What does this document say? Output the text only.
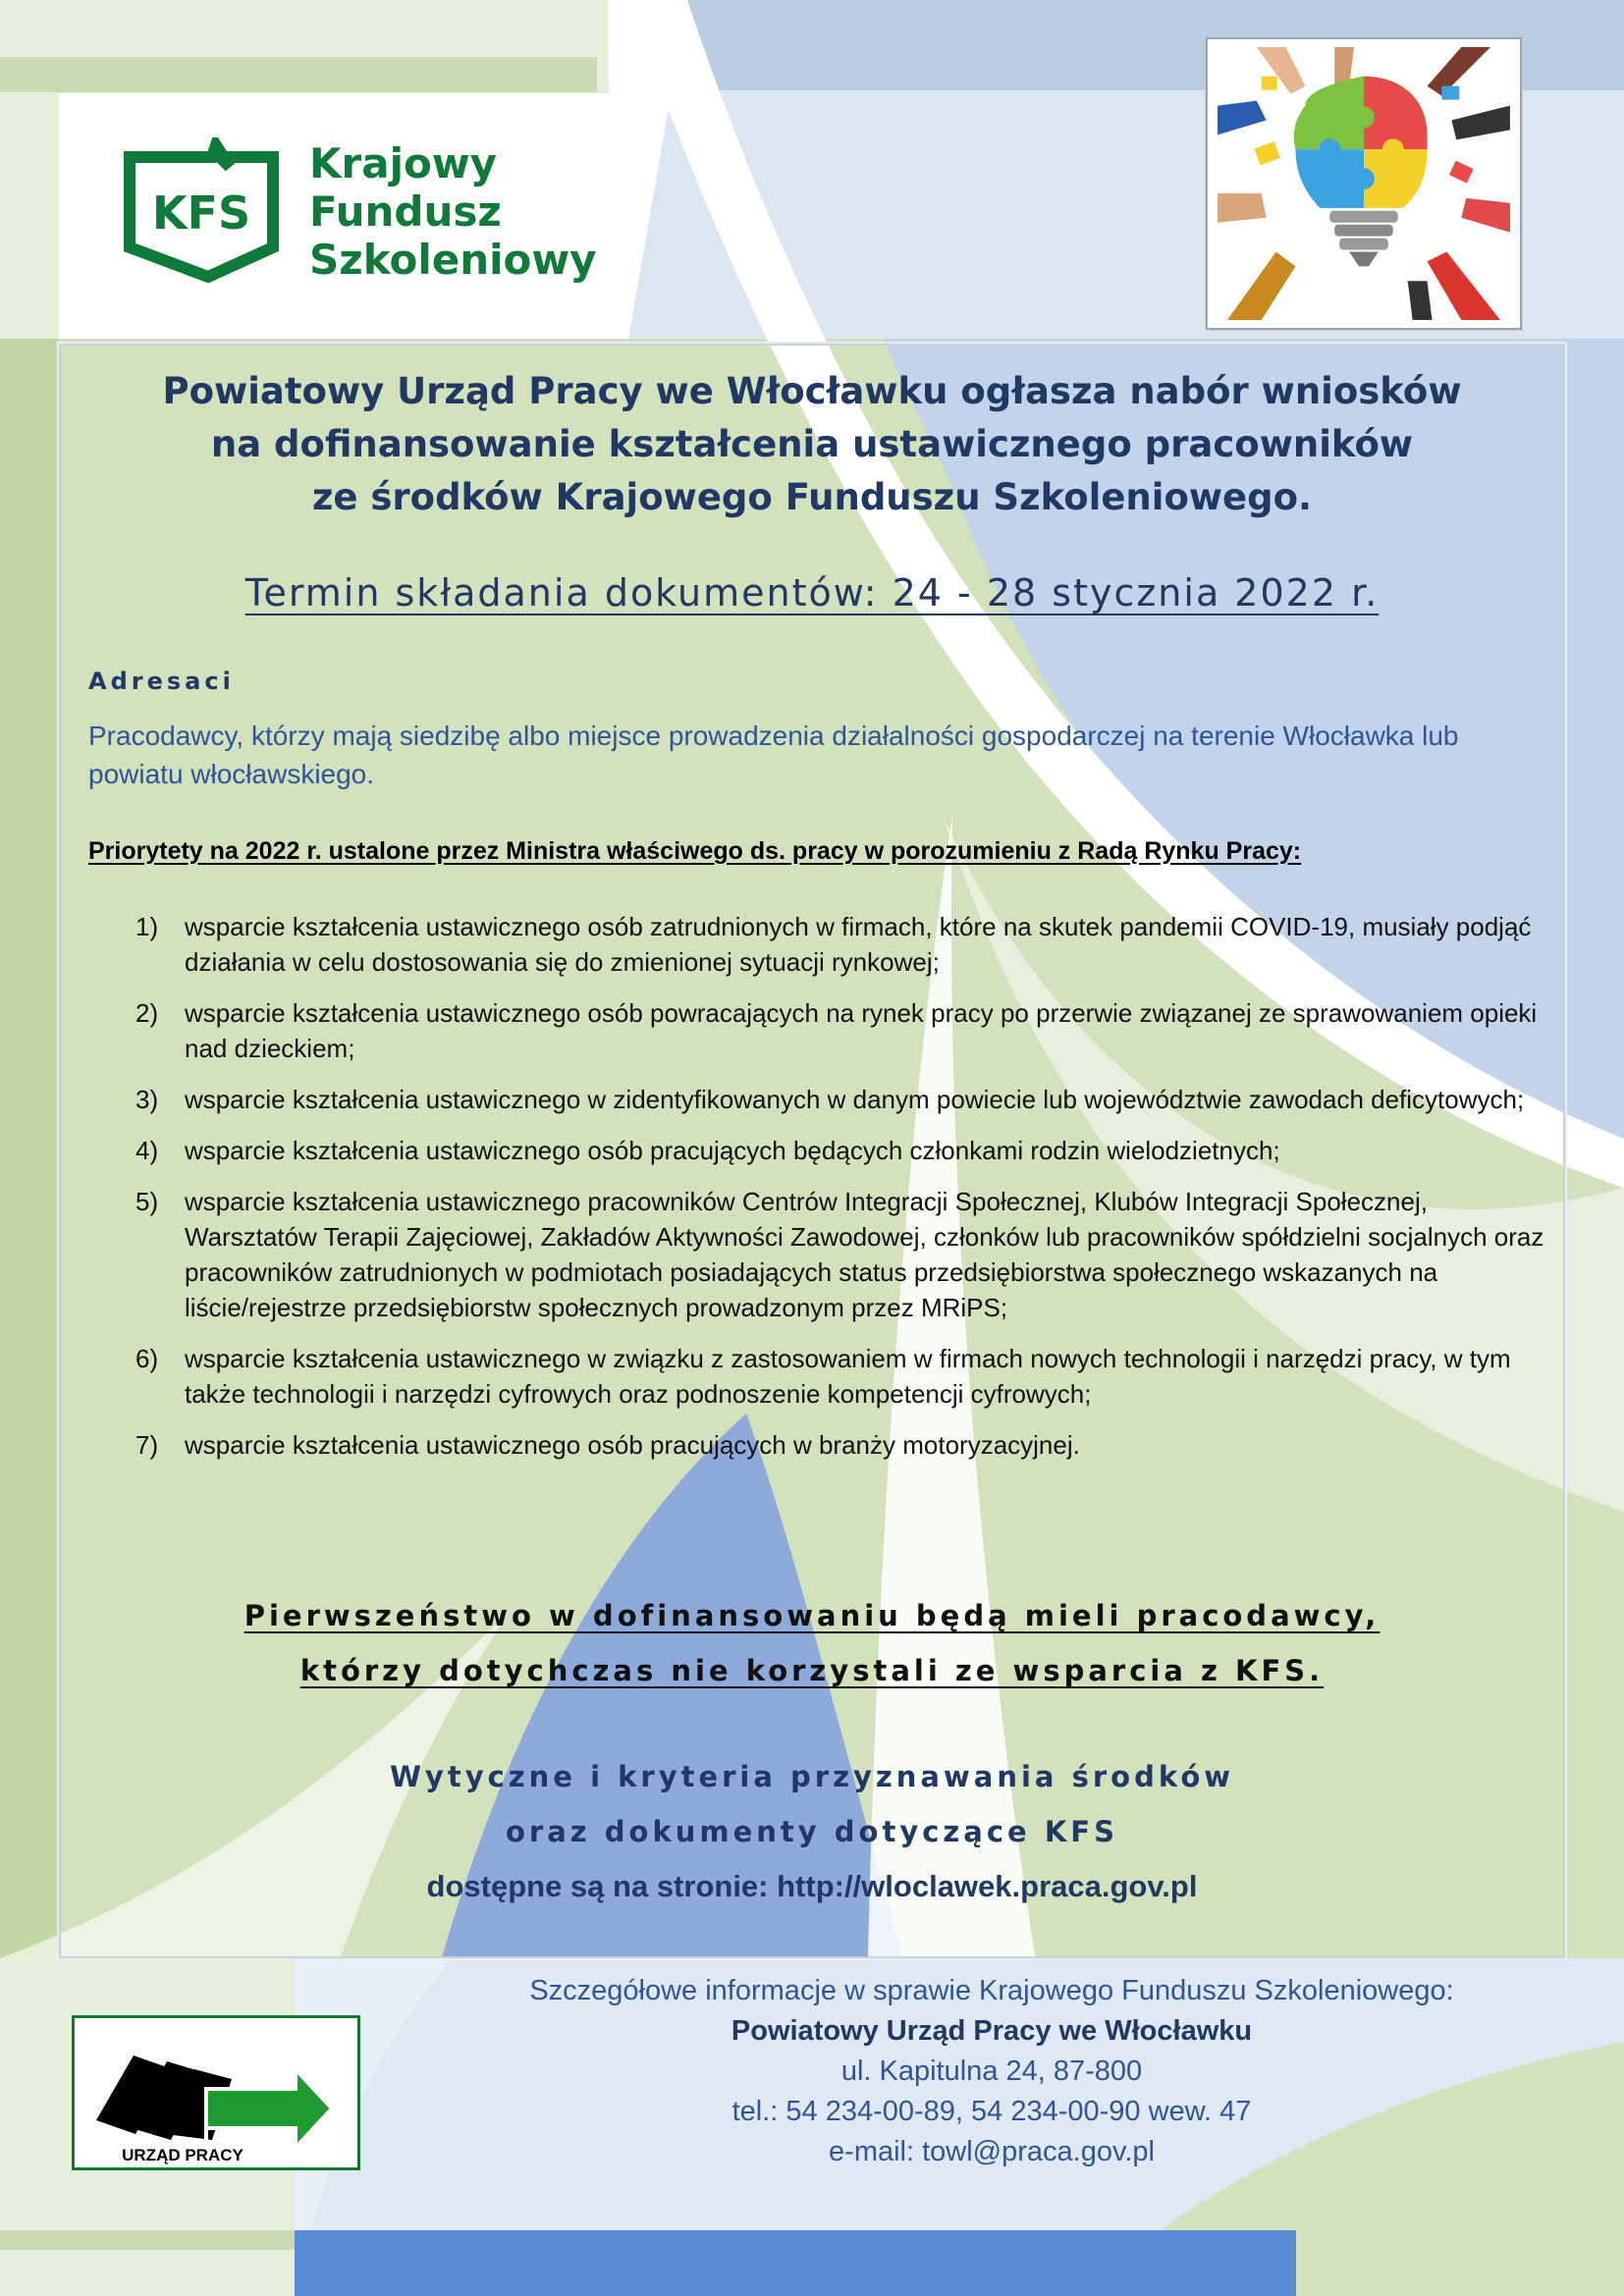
KFS
Krajowy
Fundusz
Szkoleniowy
Powiatowy Urząd Pracy we Włocławku ogłasza nabór wniosków
na dofinansowanie kształcenia ustawicznego pracowników
ze środków Krajowego Funduszu Szkoleniowego.
Termin składania dokumentów: 24 - 28 stycznia 2022 r.
Adresaci
Pracodawcy, którzy mają siedzibę albo miejsce prowadzenia działalności gospodarczej na terenie Włocławka lub powiatu włocławskiego.
Priorytety na 2022 r. ustalone przez Ministra właściwego ds. pracy w porozumieniu z Radą Rynku Pracy:
1) wsparcie kształcenia ustawicznego osób zatrudnionych w firmach, które na skutek pandemii COVID-19, musiały podjąć działania w celu dostosowania się do zmienionej sytuacji rynkowej;
2) wsparcie kształcenia ustawicznego osób powracających na rynek pracy po przerwie związanej ze sprawowaniem opieki nad dzieckiem;
3) wsparcie kształcenia ustawicznego w zidentyfikowanych w danym powiecie lub województwie zawodach deficytowych;
4) wsparcie kształcenia ustawicznego osób pracujących będących członkami rodzin wielodzietnych;
5) wsparcie kształcenia ustawicznego pracowników Centrów Integracji Społecznej, Klubów Integracji Społecznej, Warsztatów Terapii Zajęciowej, Zakładów Aktywności Zawodowej, członków lub pracowników spółdzielni socjalnych oraz pracowników zatrudnionych w podmiotach posiadających status przedsiębiorstwa społecznego wskazanych na liście/rejestrze przedsiębiorstw społecznych prowadzonym przez MRiPS;
6) wsparcie kształcenia ustawicznego w związku z zastosowaniem w firmach nowych technologii i narzędzi pracy, w tym także technologii i narzędzi cyfrowych oraz podnoszenie kompetencji cyfrowych;
7) wsparcie kształcenia ustawicznego osób pracujących w branży motoryzacyjnej.
Pierwszeństwo w dofinansowaniu będą mieli pracodawcy,
którzy dotychczas nie korzystali ze wsparcia z KFS.
Wytyczne i kryteria przyznawania środków
oraz dokumenty dotyczące KFS
dostępne są na stronie: http://wloclawek.praca.gov.pl
URZĄD PRACY
Szczegółowe informacje w sprawie Krajowego Funduszu Szkoleniowego:
Powiatowy Urząd Pracy we Włocławku
ul. Kapitulna 24, 87-800
tel.: 54 234-00-89, 54 234-00-90 wew. 47
e-mail: towl@praca.gov.pl
